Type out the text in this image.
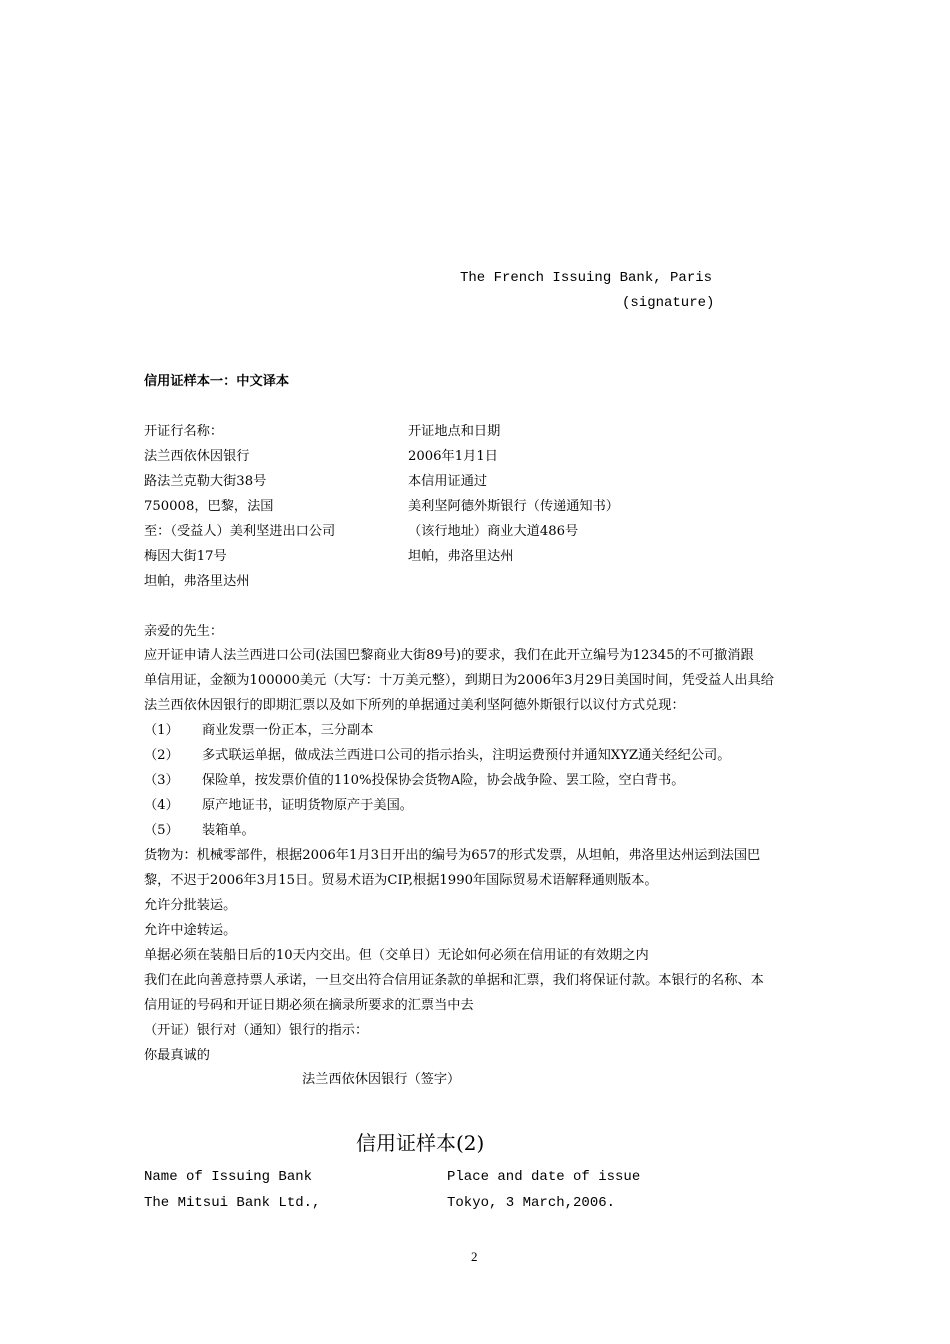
The French Issuing Bank, Paris
(signature)
信用证样本一：中文译本
开证行名称：
法兰西依休因银行
路法兰克勒大街38号
750008，巴黎，法国
至：（受益人）美利坚进出口公司
梅因大街17号
坦帕，弗洛里达州
开证地点和日期
2006年1月1日
本信用证通过
美利坚阿德外斯银行（传递通知书）
（该行地址）商业大道486号
坦帕，弗洛里达州
亲爱的先生：
应开证申请人法兰西进口公司(法国巴黎商业大街89号)的要求，我们在此开立编号为12345的不可撤消跟
单信用证，金额为100000美元（大写：十万美元整），到期日为2006年3月29日美国时间，凭受益人出具给
法兰西依休因银行的即期汇票以及如下所列的单据通过美利坚阿德外斯银行以议付方式兑现：
（1） 商业发票一份正本，三分副本
（2） 多式联运单据，做成法兰西进口公司的指示抬头，注明运费预付并通知XYZ通关经纪公司。
（3） 保险单，按发票价值的110%投保协会货物A险，协会战争险、罢工险，空白背书。
（4） 原产地证书，证明货物原产于美国。
（5） 装箱单。
货物为：机械零部件，根据2006年1月3日开出的编号为657的形式发票，从坦帕，弗洛里达州运到法国巴
黎，不迟于2006年3月15日。贸易术语为CIP,根据1990年国际贸易术语解释通则版本。
允许分批装运。
允许中途转运。
单据必须在装船日后的10天内交出。但（交单日）无论如何必须在信用证的有效期之内
我们在此向善意持票人承诺，一旦交出符合信用证条款的单据和汇票，我们将保证付款。本银行的名称、本
信用证的号码和开证日期必须在摘录所要求的汇票当中去
（开证）银行对（通知）银行的指示：
你最真诚的
法兰西依休因银行（签字）
信用证样本(2)
Name of Issuing Bank
The Mitsui Bank Ltd.,
Place and date of issue
Tokyo, 3 March,2006.
2
